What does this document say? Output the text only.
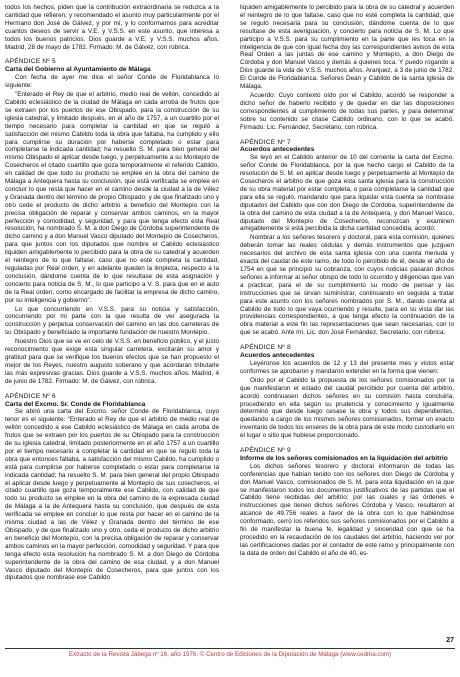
todos los hechos, piden que la contribución extraordinaria se reduzca a la cantidad que refieren; y recomendado el asunto muy particularmente por el Hermano don José de Gálvez, y por mí, y lo conformamos para acreditar cuantos deseos de servir a V.E. y V.S.S. en este asunto, que interesa a todos los buenos patricios. Dios guarde a V.E. y V.S.S. muchos años. Madrid, 28 de mayo de 1782. Firmado: M. de Gálvez, con rúbrica.

APÉNDICE Nº 5
Carta del Gobierno al Ayuntamiento de Málaga

Con fecha de ayer me dice el señor Conde de Floridablanca lo siguiente:

"Enterado el Rey de que el arbitrio, medio real de vellón, concedido al Cabildo eclesiástico de la ciudad de Málaga en cada arroba de frutos que se extraen por los puertos de ese Obispado, para la construcción de su iglesia catedral, y limitado después, en el año de 1757, a un cuartillo por el tiempo necesario para completar la cantidad en que se reguló a satisfacción del mismo Cabildo toda la obra que faltaba, ha cumplido y ello para cumplirse su duración por haberse completado o estar para completarse la indicada cantidad; ha resuelto S. M. para bien general del mismo Obispado el aplicar desde luego, y perpetuamente a su Montepío de Cosecheros el citado cuartillo que goza temporalmente el referido Cabildo, en calidad de que todo su producto se emplee en la obra del camino de Málaga a Antequera hasta su conclusión, que está verificada se emplee en concluir lo que resta que hacer en el camino desde la ciudad a la de Vélez y Granada dentro del término de propio Obispado; y de que finalizado uno y otro cede el producto de dicho arbitrio a beneficio del Montepío con la precisa obligación de reparar y conservar ambos caminos, en la mayor perfección y comodidad, y seguridad, y para que tenga efecto esta Real resolución, ha nombrado S. M. a don Diego de Córdoba superintendente de dicho camino y a don Manuel Vasco diputado del Montepío de Cosecheros, para que juntos con los diputados que nombre el Cabildo eclesiástico liquiden amigablemente lo percibido para la obra de su catedral y acuerden el reintegro de lo que faltase, caso que no esté completa la cantidad, reguladas por Real orden, y en adelante queden la limpieza, respecto a la conclusión, dándome cuenta de lo que resultase de esta asignación y concierto para noticia de S. M., lo que participo a V. S. para que en el auto de la Real orden, como encargado de facilitar la empresa de dicho camino, por su inteligencia y gobierno".

Lo que concurriendo en V.S.S. para su noticia y satisfacción, concurriendo por mi parte con la que resulta de ver asegurada la construcción y perpetua conservación del camino en las dos carreteras de su Obispado y beneficiado la importante fundación de nuestro Montepío.

Nuestro Dios que se ve en celo de V.S.S. en beneficio público, y el justo reconocimiento que exige esta singular carretera, excitarán su amor y gratitud para que se verifique los buenos efectos que se han propuesto el mejor de los Reyes, nuestro augusto soberano y que acordarán tributarle las más expresivas gracias. Dios guarde a V.S.S. muchos años. Madrid, 4 de junio de 1782. Firmado: M. de Gálvez, con rúbrica.

APÉNDICE Nº 6
Carta del Excmo. Sr. Conde de Floridablanca

Se abrió una carta del Excmo. señor Conde de Floridablanca, cuyo tenor es el siguiente: "Enterado el Rey de que el arbitrio de medio real de vellón concedido a ese Cabildo eclesiástico de Málaga en cada arroba de frutos que se extraen por los puertos de su Obispado para la construcción de su iglesia catedral, limitado posteriormente en el año 1757 a un cuartillo por el tiempo necesario a completar la cantidad en que se reguló toda la obra que entonces faltaba, a satisfacción del mismo Cabildo, ha cumplido o está para cumplirse por haberse completado o estar para completarse la indicada cantidad; ha resuelto S. M. para bien general del propio Obispado el aplicar desde luego y perpetuamente al Montepío de sus cosecheros, el citado cuartillo que goza temporalmente ese Cabildo, con calidad de que todo su producto se emplee en la obra del camino de la expresada ciudad de Málaga a la de Antequera hasta su conclusión, que después de esta verificada se emplee en concluir lo que resta por hacer en el camino de la misma ciudad a las de Vélez y Granada dentro del término de ese Obispado, y de que finalizado uno y otro, ceda el producto de dicho arbitrio en beneficio del Montepío, con la precisa obligación de reparar y conservar ambos caminos en la mayor perfección, comodidad y seguridad. Y para que tenga efecto esta resolución ha nombrado S. M. a don Diego de Córdoba superintendente de la obra del camino de esa ciudad, y a don Manuel Vasco diputado del Montepío de Cosecheros, para que juntos con los diputados que nombrase ese Cabildo

liquiden amigablemente lo percibido para la obra de su catedral y acuerden el reintegro de lo que faltase, caso que no esté completa la cantidad, que se reguló necesaria para su conclusión, dándome cuenta de lo que resultase de esta averiguación, y concierto para noticia de S. M. Lo que participo a V.S.S. para su cumplimiento en la parte que les toca en la inteligencia de que con igual fecha doy las correspondientes avisos de esta Real Orden a las juntas de ese camino y Montepío, a don Diego de Córdoba y don Manuel Vasco y demás a quienes toca. Y puedo rogando a Dios guarde la vida de V.S.S. muchos años. Aranjuez, a 3 de junio de 1782. El Conde de Floridablanca. Señores Deán y Cabildo de la santa iglesia de Málaga.

Acuerdo: Cuyo contexto oído por el Cabildo, acordó se responder a dicho señor de haberlo recibido y de quedar en dar las disposiciones correspondientes al cumplimiento de todas sus partes, y para determinar sobre su contenido se citase Cabildo ordinario, con lo que se acabó. Firmado: Lic. Fernández, Secretario, con rúbrica.

APÉNDICE Nº 7
Acuerdos antecedentes

Se leyó en el Cabildo anterior de 10 del corriente la carta del Excmo. señor Conde de Floridablanca, por la que hecho cargo el Cabildo de la resolución de S. M. en aplicar desde luego y perpetuamente al Montepío de Cosecheros el arbitrio de que goza esta santa iglesia para la construcción de su obra material por estar completa, o para completarse la cantidad que para ella se reguló, mandando que para liquidar esta cuenta se nombrase diputados del Cabildo que con don Diego de Córdoba, superintendente de la obra del camino de esta ciudad a la de Antequera, y don Manuel Vasco, diputado del Montepío de Cosecheros, reconozcan y examinen amigablemente si está percibida la dicha cantidad concedida, acordó:

Nombrar a los señores tesorero y doctoral, para esta comisión, quienes deberán tomar las reales cédulas y demás instrumentos que juzguen necesarios del archivo de esta santa iglesia con una cuenta menuda y exacta del caudal de este ramo, de todo lo percibido de él, desde el año de 1754 en que se principió su cobranza, con cuyos noticias pasarán dichos señores a informar al señor obispo de todo lo ocurrido y diligencias que van a practicar, para el de su cumplimiento su modo de pensar y las instrucciones que se sirvan suministrar, continuando en seguida a tratar para este asunto con los señores nombrados por S. M., dando cuenta al Cabildo de todo lo que vaya ocurriendo y resulte, para en su vista dar las providencias correspondientes, a que tenga efecto la continuación de la obra material a este fin las representaciones que sean necesarias, con lo que se acabó. Ante mí, Lic. don José Fernández, Secretario, con rúbrica.

APÉNDICE Nº 8
Acuerdos antecedentes

Leyéronse los acuerdos de 12 y 13 del presente mes y vistos estar conformes se aprobaron y mandaron extender en la forma que vienen:

Oído por el Cabildo la propuesta de los señores comisionados por la que manifestaron el estado del caudal percibido por cuenta del arbitrio, acordó continuasen dichos señores en su comisión hasta concluirla, procediendo en ella según su prudencia y conocimiento y igualmente determinó que desde luego cesase la obra y todos sus dependientes, quedando a cargo de los mismos señores comisionados, formar un exacto inventario de todos los enseres de la obra para de este modo custodiarlo en el lugar o sitio que hubiese proporcionado.

APÉNDICE Nº 9
Informe de los señores comisionados en la liquidación del arbitrio

Los dichos señores tesorero y doctoral informaron de todas las conferencias que habían tenido con los señores don Diego de Córdoba y don Manuel Vasco, comisionados de S. M. para esta liquidación en la que se manifestaron todos los documentos justificativos de las partidas que el Cabildo tiene recibidas del arbitrio; por las cuales y las órdenes e instrucciones que tienen dichos señores Córdoba y Vasco, resultaron al alcance de 49.756 reales a favor de la obra con lo que habiéndose conformado, cerró los referidos sus señores comisionados por el Cabildo a fin de manifestar la buena fe, legalidad y sinceridad con que se ha procedido en la recaudación de los caudales del arbitrio, haciendo ver por las certificaciones dadas por el contador de este ramo y principalmente con la data de orden del Cabildo el año de 40, es-

27
Extracto de la Revista Jábega nº 16, año 1976. © Centro de Ediciones de la Diputación de Málaga (www.cedma.com)
